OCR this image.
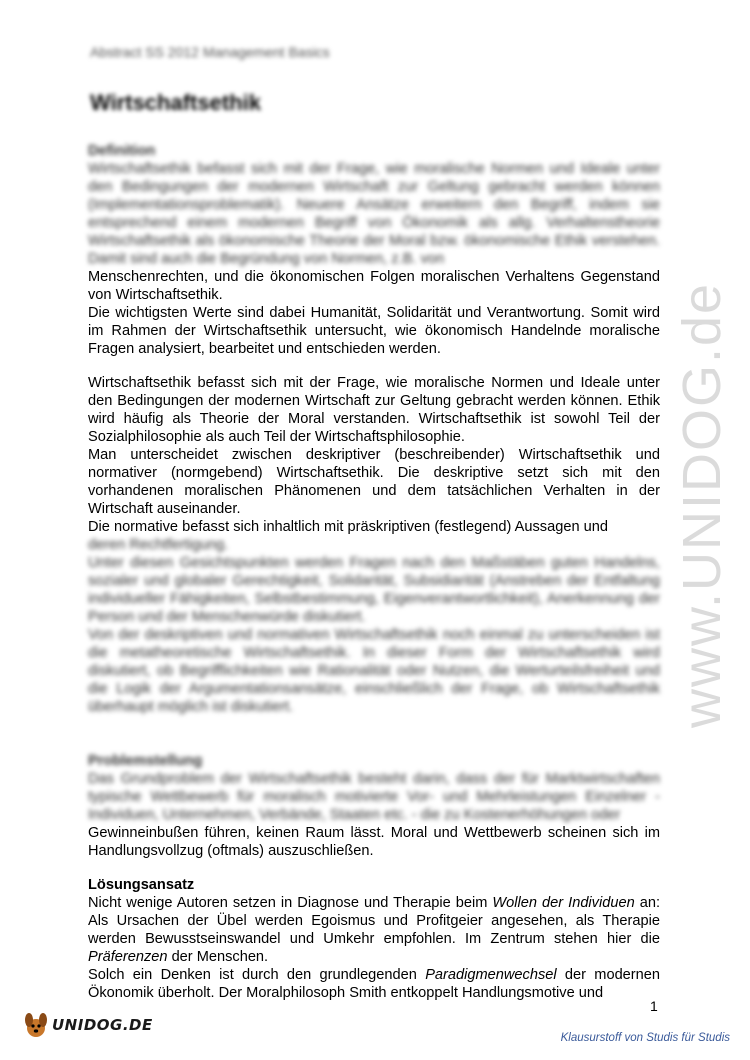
Abstract SS 2012 Management Basics
Wirtschaftsethik
Definition

Wirtschaftsethik befasst sich mit der Frage, wie moralische Normen und Ideale unter den Bedingungen der modernen Wirtschaft zur Geltung gebracht werden können (Implementationsproblematik). Neuere Ansätze erweitern den Begriff, indem sie entsprechend einem modernen Begriff von Ökonomik als allg. Verhaltenstheorie Wirtschaftsethik als ökonomische Theorie der Moral bzw. ökonomische Ethik verstehen. Damit sind auch die Begründung von Normen, z.B. von

Menschenrechten, und die ökonomischen Folgen moralischen Verhaltens Gegenstand von Wirtschaftsethik.

Die wichtigsten Werte sind dabei Humanität, Solidarität und Verantwortung. Somit wird im Rahmen der Wirtschaftsethik untersucht, wie ökonomisch Handelnde moralische Fragen analysiert, bearbeitet und entschieden werden.

Wirtschaftsethik befasst sich mit der Frage, wie moralische Normen und Ideale unter den Bedingungen der modernen Wirtschaft zur Geltung gebracht werden können. Ethik wird häufig als Theorie der Moral verstanden. Wirtschaftsethik ist sowohl Teil der Sozialphilosophie als auch Teil der Wirtschaftsphilosophie.

Man unterscheidet zwischen deskriptiver (beschreibender) Wirtschaftsethik und normativer (normgebend) Wirtschaftsethik. Die deskriptive setzt sich mit den vorhandenen moralischen Phänomenen und dem tatsächlichen Verhalten in der Wirtschaft auseinander.

Die normative befasst sich inhaltlich mit präskriptiven (festlegend) Aussagen und

deren Rechtfertigung.

Unter diesen Gesichtspunkten werden Fragen nach den Maßstäben guten Handelns, sozialer und globaler Gerechtigkeit, Solidarität, Subsidiarität (Anstreben der Entfaltung individueller Fähigkeiten, Selbstbestimmung, Eigenverantwortlichkeit), Anerkennung der Person und der Menschenwürde diskutiert.

Von der deskriptiven und normativen Wirtschaftsethik noch einmal zu unterscheiden ist die metatheoretische Wirtschaftsethik. In dieser Form der Wirtschaftsethik wird diskutiert, ob Begrifflichkeiten wie Rationalität oder Nutzen, die Werturteilsfreiheit und die Logik der Argumentationsansätze, einschließlich der Frage, ob Wirtschaftsethik überhaupt möglich ist diskutiert.

Problemstellung

Das Grundproblem der Wirtschaftsethik besteht darin, dass der für Marktwirtschaften typische Wettbewerb für moralisch motivierte Vor- und Mehrleistungen Einzelner - Individuen, Unternehmen, Verbände, Staaten etc. - die zu Kostenerhöhungen oder

Gewinneinbußen führen, keinen Raum lässt. Moral und Wettbewerb scheinen sich im Handlungsvollzug (oftmals) auszuschließen.

Lösungsansatz

Nicht wenige Autoren setzen in Diagnose und Therapie beim Wollen der Individuen an: Als Ursachen der Übel werden Egoismus und Profitgeier angesehen, als Therapie werden Bewusstseinswandel und Umkehr empfohlen. Im Zentrum stehen hier die Präferenzen der Menschen.

Solch ein Denken ist durch den grundlegenden Paradigmenwechsel der modernen Ökonomik überholt. Der Moralphilosoph Smith entkoppelt Handlungsmotive und

www.UNIDOG.de
1
UNIDOG.DE
Klausurstoff von Studis für Studis
